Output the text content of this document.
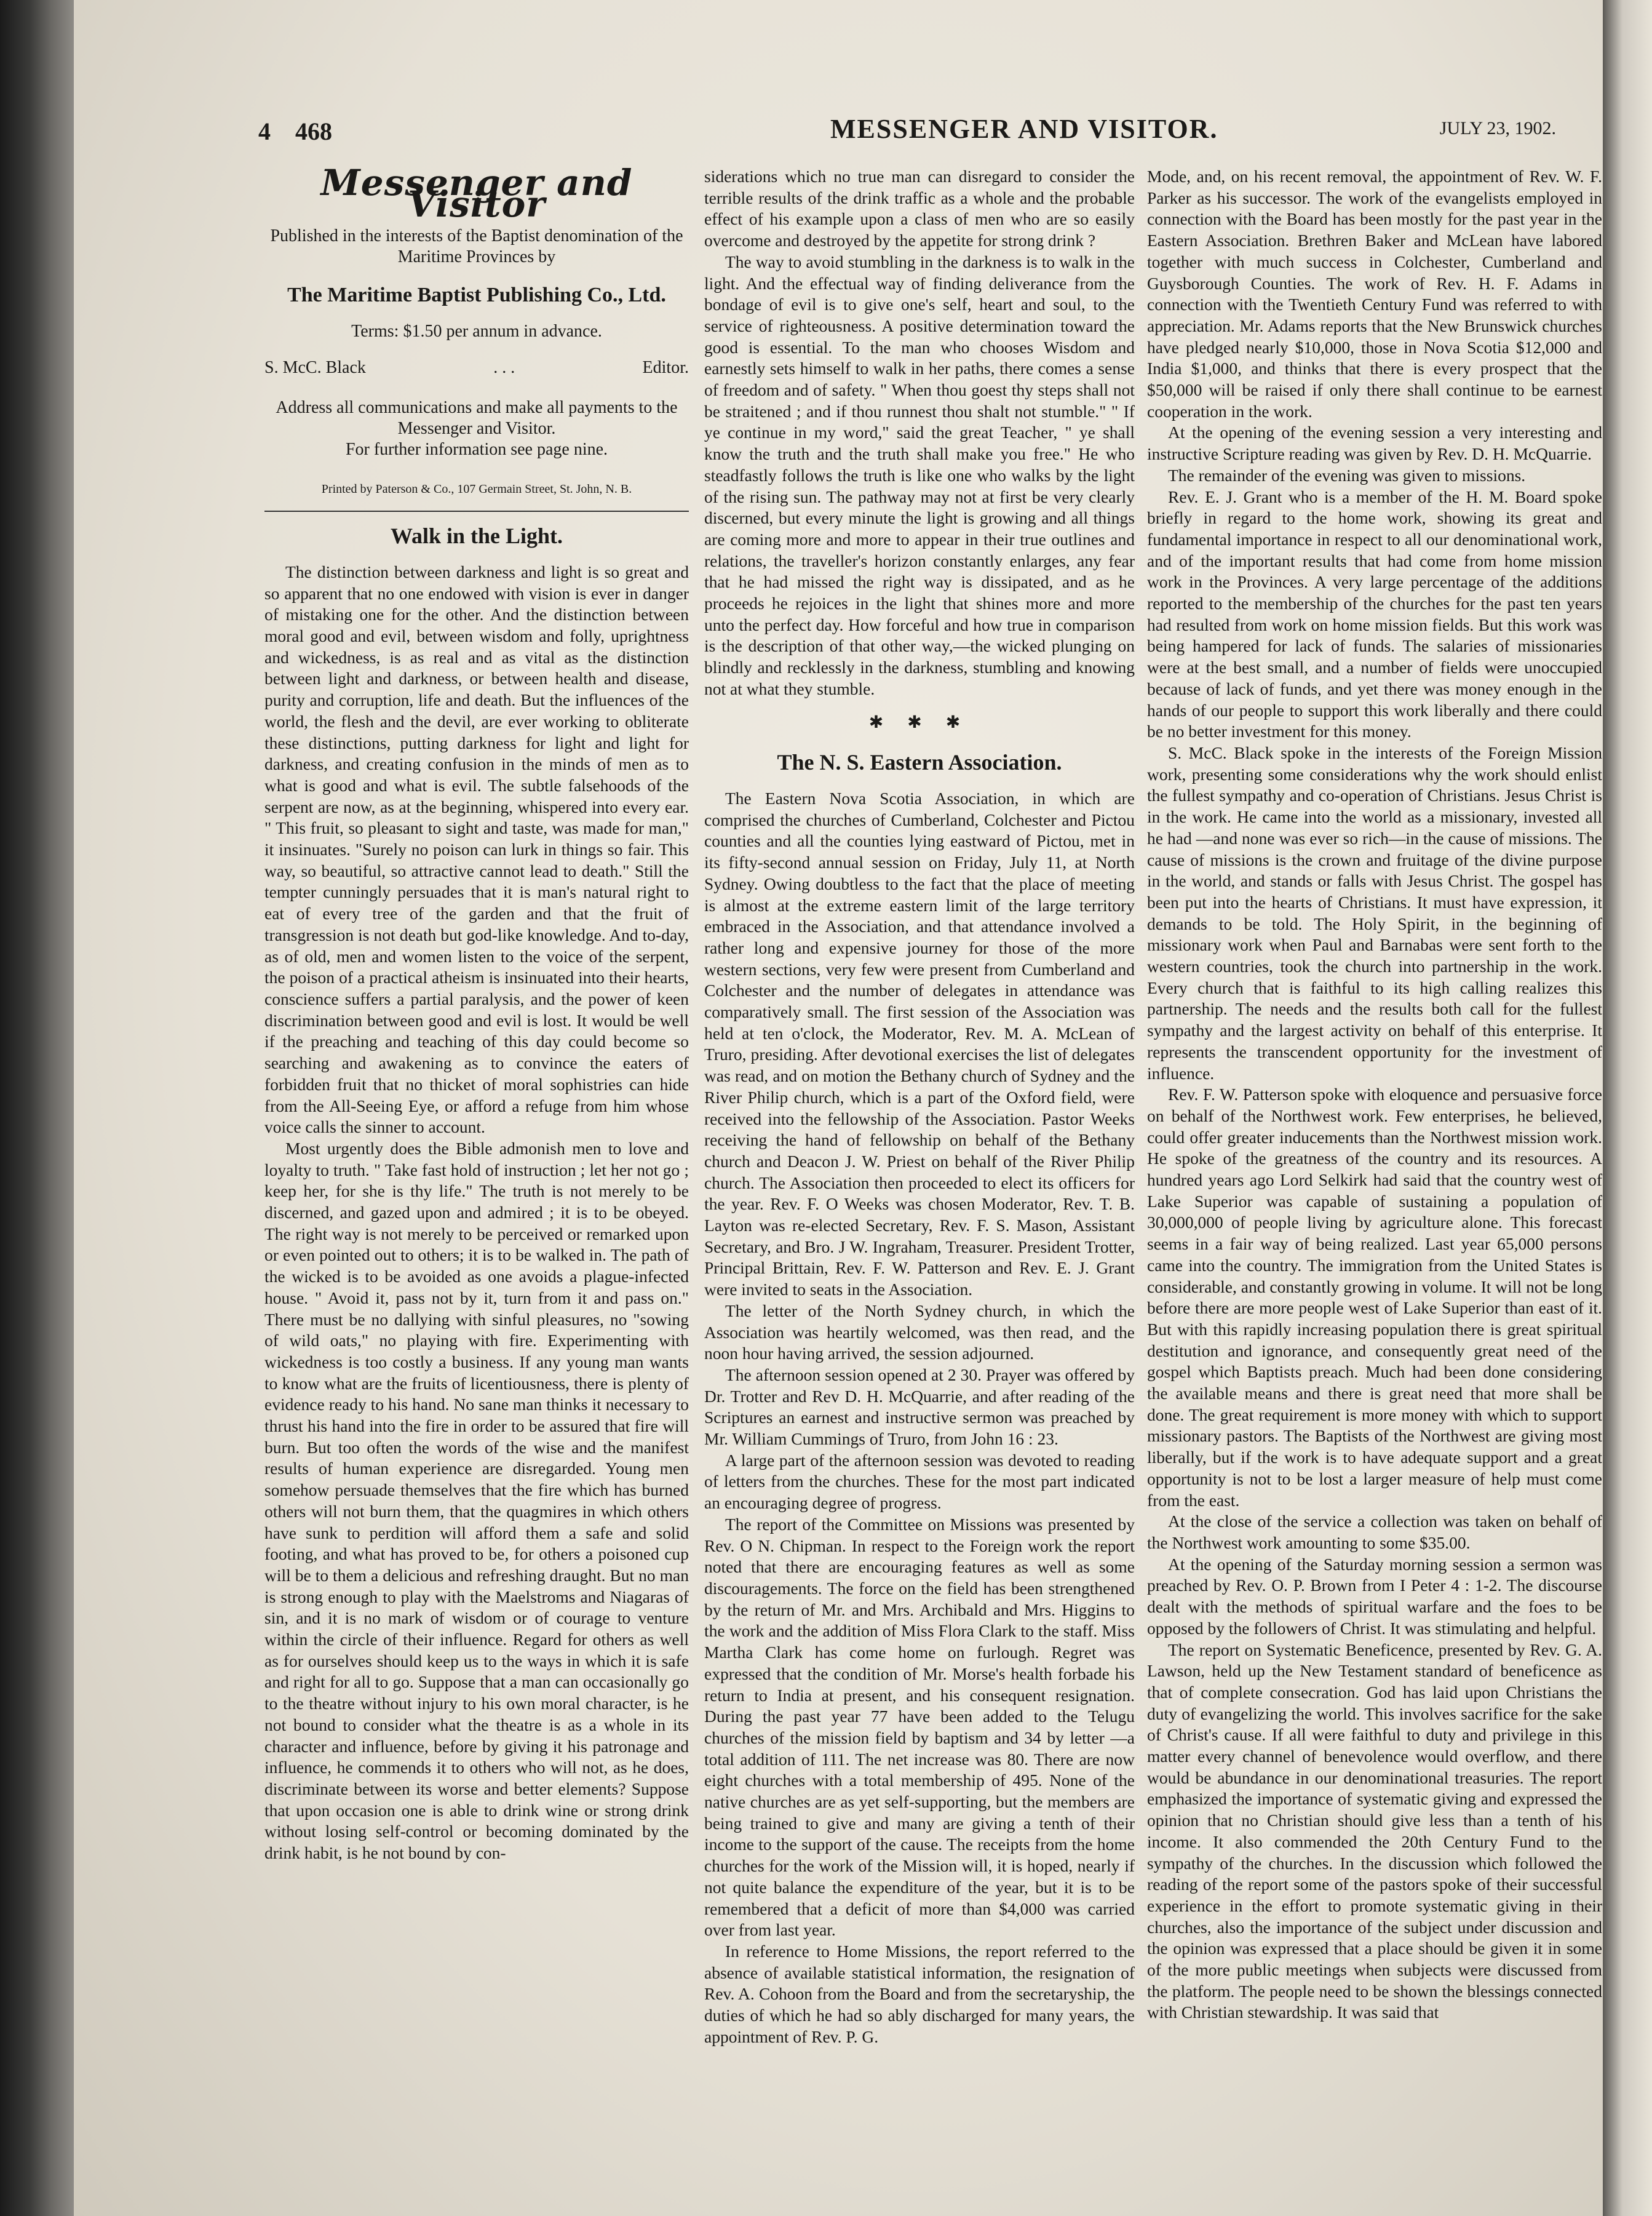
4 468	MESSENGER AND VISITOR.	JULY 23, 1902.
Messenger and Visitor
Published in the interests of the Baptist denomination of the Maritime Provinces by
The Maritime Baptist Publishing Co., Ltd.
Terms: $1.50 per annum in advance.
S. McC. Black	. . .	Editor.
Address all communications and make all payments to the Messenger and Visitor.
For further information see page nine.
Printed by Paterson & Co., 107 Germain Street, St. John, N. B.
Walk in the Light.

The distinction between darkness and light is so great and so apparent that no one endowed with vision is ever in danger of mistaking one for the other. And the distinction between moral good and evil, between wisdom and folly, uprightness and wickedness, is as real and as vital as the distinction between light and darkness, or between health and disease, purity and corruption, life and death. But the influences of the world, the flesh and the devil, are ever working to obliterate these distinctions, putting darkness for light and light for darkness, and creating confusion in the minds of men as to what is good and what is evil. The subtle falsehoods of the serpent are now, as at the beginning, whispered into every ear. " This fruit, so pleasant to sight and taste, was made for man," it insinuates. "Surely no poison can lurk in things so fair. This way, so beautiful, so attractive cannot lead to death." Still the tempter cunningly persuades that it is man's natural right to eat of every tree of the garden and that the fruit of transgression is not death but god-like knowledge. And to-day, as of old, men and women listen to the voice of the serpent, the poison of a practical atheism is insinuated into their hearts, conscience suffers a partial paralysis, and the power of keen discrimination between good and evil is lost. It would be well if the preaching and teaching of this day could become so searching and awakening as to convince the eaters of forbidden fruit that no thicket of moral sophistries can hide from the All-Seeing Eye, or afford a refuge from him whose voice calls the sinner to account.

Most urgently does the Bible admonish men to love and loyalty to truth. " Take fast hold of instruction ; let her not go ; keep her, for she is thy life." The truth is not merely to be discerned, and gazed upon and admired ; it is to be obeyed. The right way is not merely to be perceived or remarked upon or even pointed out to others; it is to be walked in. The path of the wicked is to be avoided as one avoids a plague-infected house. " Avoid it, pass not by it, turn from it and pass on." There must be no dallying with sinful pleasures, no "sowing of wild oats," no playing with fire. Experimenting with wickedness is too costly a business. If any young man wants to know what are the fruits of licentiousness, there is plenty of evidence ready to his hand. No sane man thinks it necessary to thrust his hand into the fire in order to be assured that fire will burn. But too often the words of the wise and the manifest results of human experience are disregarded. Young men somehow persuade themselves that the fire which has burned others will not burn them, that the quagmires in which others have sunk to perdition will afford them a safe and solid footing, and what has proved to be, for others a poisoned cup will be to them a delicious and refreshing draught. But no man is strong enough to play with the Maelstroms and Niagaras of sin, and it is no mark of wisdom or of courage to venture within the circle of their influence. Regard for others as well as for ourselves should keep us to the ways in which it is safe and right for all to go. Suppose that a man can occasionally go to the theatre without injury to his own moral character, is he not bound to consider what the theatre is as a whole in its character and influence, before by giving it his patronage and influence, he commends it to others who will not, as he does, discriminate between its worse and better elements? Suppose that upon occasion one is able to drink wine or strong drink without losing self-control or becoming dominated by the drink habit, is he not bound by con-

siderations which no true man can disregard to consider the terrible results of the drink traffic as a whole and the probable effect of his example upon a class of men who are so easily overcome and destroyed by the appetite for strong drink ?

The way to avoid stumbling in the darkness is to walk in the light. And the effectual way of finding deliverance from the bondage of evil is to give one's self, heart and soul, to the service of righteousness. A positive determination toward the good is essential. To the man who chooses Wisdom and earnestly sets himself to walk in her paths, there comes a sense of freedom and of safety. " When thou goest thy steps shall not be straitened ; and if thou runnest thou shalt not stumble." " If ye continue in my word," said the great Teacher, " ye shall know the truth and the truth shall make you free." He who steadfastly follows the truth is like one who walks by the light of the rising sun. The pathway may not at first be very clearly discerned, but every minute the light is growing and all things are coming more and more to appear in their true outlines and relations, the traveller's horizon constantly enlarges, any fear that he had missed the right way is dissipated, and as he proceeds he rejoices in the light that shines more and more unto the perfect day. How forceful and how true in comparison is the description of that other way,—the wicked plunging on blindly and recklessly in the darkness, stumbling and knowing not at what they stumble.

✱ ✱ ✱
The N. S. Eastern Association.

The Eastern Nova Scotia Association, in which are comprised the churches of Cumberland, Colchester and Pictou counties and all the counties lying eastward of Pictou, met in its fifty-second annual session on Friday, July 11, at North Sydney. Owing doubtless to the fact that the place of meeting is almost at the extreme eastern limit of the large territory embraced in the Association, and that attendance involved a rather long and expensive journey for those of the more western sections, very few were present from Cumberland and Colchester and the number of delegates in attendance was comparatively small. The first session of the Association was held at ten o'clock, the Moderator, Rev. M. A. McLean of Truro, presiding. After devotional exercises the list of delegates was read, and on motion the Bethany church of Sydney and the River Philip church, which is a part of the Oxford field, were received into the fellowship of the Association. Pastor Weeks receiving the hand of fellowship on behalf of the Bethany church and Deacon J. W. Priest on behalf of the River Philip church. The Association then proceeded to elect its officers for the year. Rev. F. O Weeks was chosen Moderator, Rev. T. B. Layton was re-elected Secretary, Rev. F. S. Mason, Assistant Secretary, and Bro. J W. Ingraham, Treasurer. President Trotter, Principal Brittain, Rev. F. W. Patterson and Rev. E. J. Grant were invited to seats in the Association.

The letter of the North Sydney church, in which the Association was heartily welcomed, was then read, and the noon hour having arrived, the session adjourned.

The afternoon session opened at 2 30. Prayer was offered by Dr. Trotter and Rev D. H. McQuarrie, and after reading of the Scriptures an earnest and instructive sermon was preached by Mr. William Cummings of Truro, from John 16 : 23.

A large part of the afternoon session was devoted to reading of letters from the churches. These for the most part indicated an encouraging degree of progress.

The report of the Committee on Missions was presented by Rev. O N. Chipman. In respect to the Foreign work the report noted that there are encouraging features as well as some discouragements. The force on the field has been strengthened by the return of Mr. and Mrs. Archibald and Mrs. Higgins to the work and the addition of Miss Flora Clark to the staff. Miss Martha Clark has come home on furlough. Regret was expressed that the condition of Mr. Morse's health forbade his return to India at present, and his consequent resignation. During the past year 77 have been added to the Telugu churches of the mission field by baptism and 34 by letter —a total addition of 111. The net increase was 80. There are now eight churches with a total membership of 495. None of the native churches are as yet self-supporting, but the members are being trained to give and many are giving a tenth of their income to the support of the cause. The receipts from the home churches for the work of the Mission will, it is hoped, nearly if not quite balance the expenditure of the year, but it is to be remembered that a deficit of more than $4,000 was carried over from last year.

In reference to Home Missions, the report referred to the absence of available statistical information, the resignation of Rev. A. Cohoon from the Board and from the secretaryship, the duties of which he had so ably discharged for many years, the appointment of Rev. P. G.

Mode, and, on his recent removal, the appointment of Rev. W. F. Parker as his successor. The work of the evangelists employed in connection with the Board has been mostly for the past year in the Eastern Association. Brethren Baker and McLean have labored together with much success in Colchester, Cumberland and Guysborough Counties. The work of Rev. H. F. Adams in connection with the Twentieth Century Fund was referred to with appreciation. Mr. Adams reports that the New Brunswick churches have pledged nearly $10,000, those in Nova Scotia $12,000 and India $1,000, and thinks that there is every prospect that the $50,000 will be raised if only there shall continue to be earnest cooperation in the work.

At the opening of the evening session a very interesting and instructive Scripture reading was given by Rev. D. H. McQuarrie.

The remainder of the evening was given to missions.

Rev. E. J. Grant who is a member of the H. M. Board spoke briefly in regard to the home work, showing its great and fundamental importance in respect to all our denominational work, and of the important results that had come from home mission work in the Provinces. A very large percentage of the additions reported to the membership of the churches for the past ten years had resulted from work on home mission fields. But this work was being hampered for lack of funds. The salaries of missionaries were at the best small, and a number of fields were unoccupied because of lack of funds, and yet there was money enough in the hands of our people to support this work liberally and there could be no better investment for this money.

S. McC. Black spoke in the interests of the Foreign Mission work, presenting some considerations why the work should enlist the fullest sympathy and co-operation of Christians. Jesus Christ is in the work. He came into the world as a missionary, invested all he had —and none was ever so rich—in the cause of missions. The cause of missions is the crown and fruitage of the divine purpose in the world, and stands or falls with Jesus Christ. The gospel has been put into the hearts of Christians. It must have expression, it demands to be told. The Holy Spirit, in the beginning of missionary work when Paul and Barnabas were sent forth to the western countries, took the church into partnership in the work. Every church that is faithful to its high calling realizes this partnership. The needs and the results both call for the fullest sympathy and the largest activity on behalf of this enterprise. It represents the transcendent opportunity for the investment of influence.

Rev. F. W. Patterson spoke with eloquence and persuasive force on behalf of the Northwest work. Few enterprises, he believed, could offer greater inducements than the Northwest mission work. He spoke of the greatness of the country and its resources. A hundred years ago Lord Selkirk had said that the country west of Lake Superior was capable of sustaining a population of 30,000,000 of people living by agriculture alone. This forecast seems in a fair way of being realized. Last year 65,000 persons came into the country. The immigration from the United States is considerable, and constantly growing in volume. It will not be long before there are more people west of Lake Superior than east of it. But with this rapidly increasing population there is great spiritual destitution and ignorance, and consequently great need of the gospel which Baptists preach. Much had been done considering the available means and there is great need that more shall be done. The great requirement is more money with which to support missionary pastors. The Baptists of the Northwest are giving most liberally, but if the work is to have adequate support and a great opportunity is not to be lost a larger measure of help must come from the east.

At the close of the service a collection was taken on behalf of the Northwest work amounting to some $35.00.

At the opening of the Saturday morning session a sermon was preached by Rev. O. P. Brown from I Peter 4 : 1-2. The discourse dealt with the methods of spiritual warfare and the foes to be opposed by the followers of Christ. It was stimulating and helpful.

The report on Systematic Beneficence, presented by Rev. G. A. Lawson, held up the New Testament standard of beneficence as that of complete consecration. God has laid upon Christians the duty of evangelizing the world. This involves sacrifice for the sake of Christ's cause. If all were faithful to duty and privilege in this matter every channel of benevolence would overflow, and there would be abundance in our denominational treasuries. The report emphasized the importance of systematic giving and expressed the opinion that no Christian should give less than a tenth of his income. It also commended the 20th Century Fund to the sympathy of the churches. In the discussion which followed the reading of the report some of the pastors spoke of their successful experience in the effort to promote systematic giving in their churches, also the importance of the subject under discussion and the opinion was expressed that a place should be given it in some of the more public meetings when subjects were discussed from the platform. The people need to be shown the blessings connected with Christian stewardship. It was said that
